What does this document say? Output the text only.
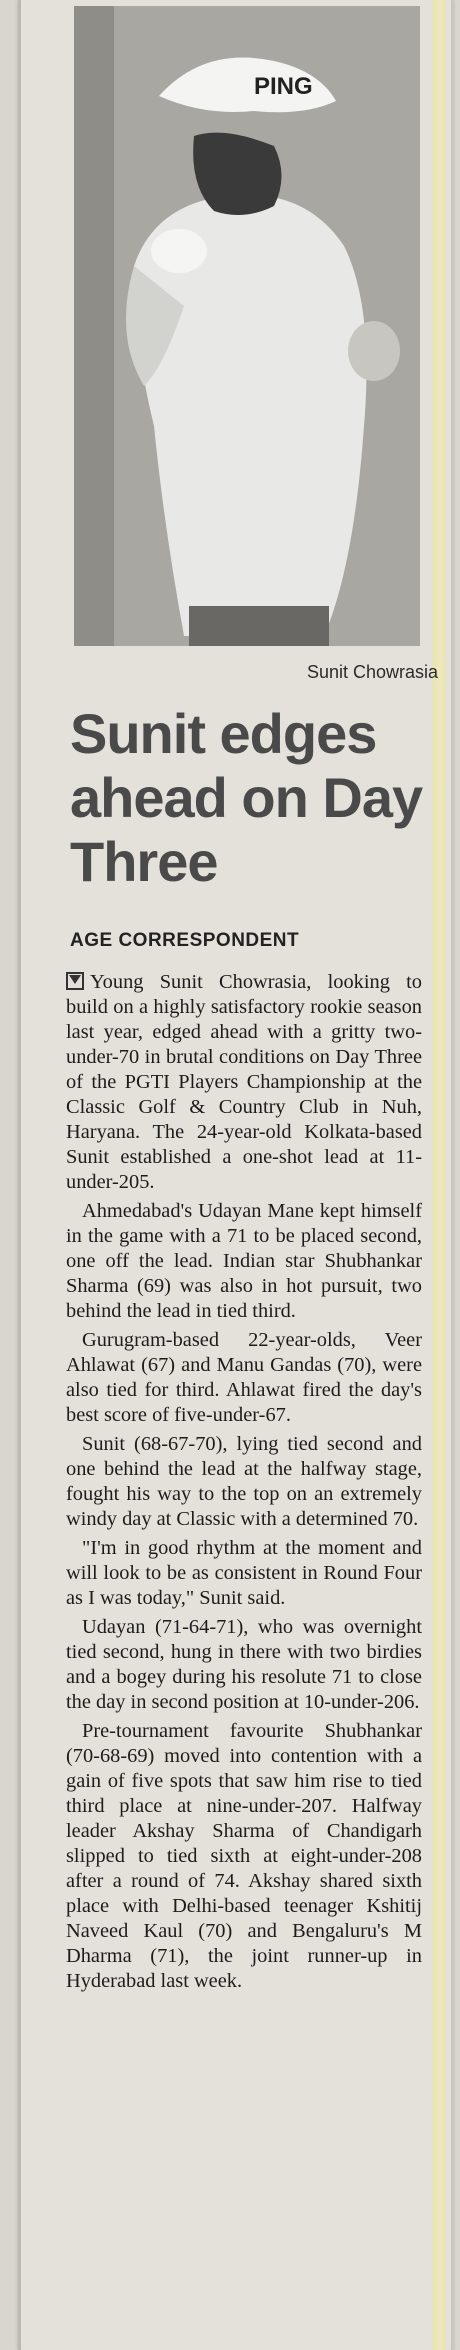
PING
Sunit Chowrasia
Sunit edges ahead on Day Three
AGE CORRESPONDENT

Young Sunit Chowrasia, looking to build on a highly satisfactory rookie season last year, edged ahead with a gritty two-under-70 in brutal conditions on Day Three of the PGTI Players Championship at the Classic Golf & Country Club in Nuh, Haryana. The 24-year-old Kolkata-based Sunit established a one-shot lead at 11-under-205.

Ahmedabad's Udayan Mane kept himself in the game with a 71 to be placed second, one off the lead. Indian star Shubhankar Sharma (69) was also in hot pursuit, two behind the lead in tied third.

Gurugram-based 22-year-olds, Veer Ahlawat (67) and Manu Gandas (70), were also tied for third. Ahlawat fired the day's best score of five-under-67.

Sunit (68-67-70), lying tied second and one behind the lead at the halfway stage, fought his way to the top on an extremely windy day at Classic with a determined 70.

"I'm in good rhythm at the moment and will look to be as consistent in Round Four as I was today," Sunit said.

Udayan (71-64-71), who was overnight tied second, hung in there with two birdies and a bogey during his resolute 71 to close the day in second position at 10-under-206.

Pre-tournament favourite Shubhankar (70-68-69) moved into contention with a gain of five spots that saw him rise to tied third place at nine-under-207. Halfway leader Akshay Sharma of Chandigarh slipped to tied sixth at eight-under-208 after a round of 74. Akshay shared sixth place with Delhi-based teenager Kshitij Naveed Kaul (70) and Bengaluru's M Dharma (71), the joint runner-up in Hyderabad last week.
